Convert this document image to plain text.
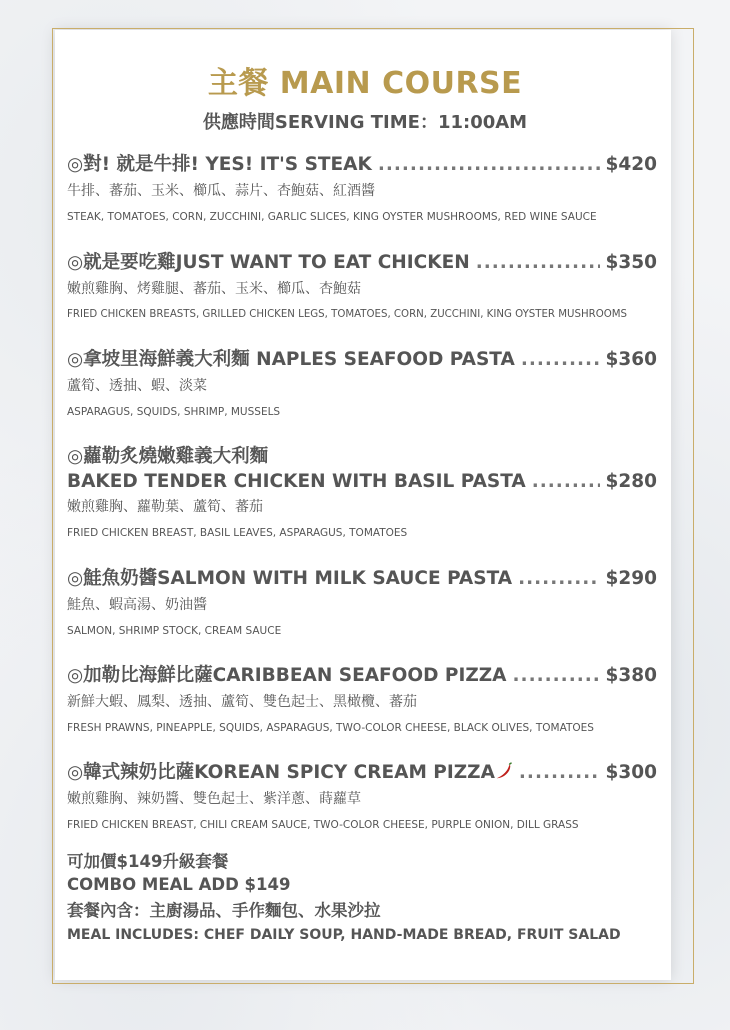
主餐 MAIN COURSE
供應時間SERVING TIME：11:00AM
◎對! 就是牛排! YES! IT'S STEAK .....	$420
牛排、蕃茄、玉米、櫛瓜、蒜片、杏鮑菇、紅酒醬
STEAK, TOMATOES, CORN, ZUCCHINI, GARLIC SLICES, KING OYSTER MUSHROOMS, RED WINE SAUCE
◎就是要吃雞JUST WANT TO EAT CHICKEN .....	$350
嫩煎雞胸、烤雞腿、蕃茄、玉米、櫛瓜、杏鮑菇
FRIED CHICKEN BREASTS, GRILLED CHICKEN LEGS, TOMATOES, CORN, ZUCCHINI, KING OYSTER MUSHROOMS
◎拿坡里海鮮義大利麵 NAPLES SEAFOOD PASTA .....	$360
蘆筍、透抽、蝦、淡菜
ASPARAGUS, SQUIDS, SHRIMP, MUSSELS
◎蘿勒炙燒嫩雞義大利麵
BAKED TENDER CHICKEN WITH BASIL PASTA .....	$280
嫩煎雞胸、蘿勒葉、蘆筍、蕃茄
FRIED CHICKEN BREAST, BASIL LEAVES, ASPARAGUS, TOMATOES
◎鮭魚奶醬SALMON WITH MILK SAUCE PASTA .....	$290
鮭魚、蝦高湯、奶油醬
SALMON, SHRIMP STOCK, CREAM SAUCE
◎加勒比海鮮比薩CARIBBEAN SEAFOOD PIZZA .....	$380
新鮮大蝦、鳳梨、透抽、蘆筍、雙色起士、黑橄欖、蕃茄
FRESH PRAWNS, PINEAPPLE, SQUIDS, ASPARAGUS, TWO-COLOR CHEESE, BLACK OLIVES, TOMATOES
◎韓式辣奶比薩KOREAN SPICY CREAM PIZZA .....	$300
嫩煎雞胸、辣奶醬、雙色起士、紫洋蔥、蒔蘿草
FRIED CHICKEN BREAST, CHILI CREAM SAUCE, TWO-COLOR CHEESE, PURPLE ONION, DILL GRASS
可加價$149升級套餐
COMBO MEAL ADD $149
套餐內含：主廚湯品、手作麵包、水果沙拉
MEAL INCLUDES: CHEF DAILY SOUP, HAND-MADE BREAD, FRUIT SALAD
